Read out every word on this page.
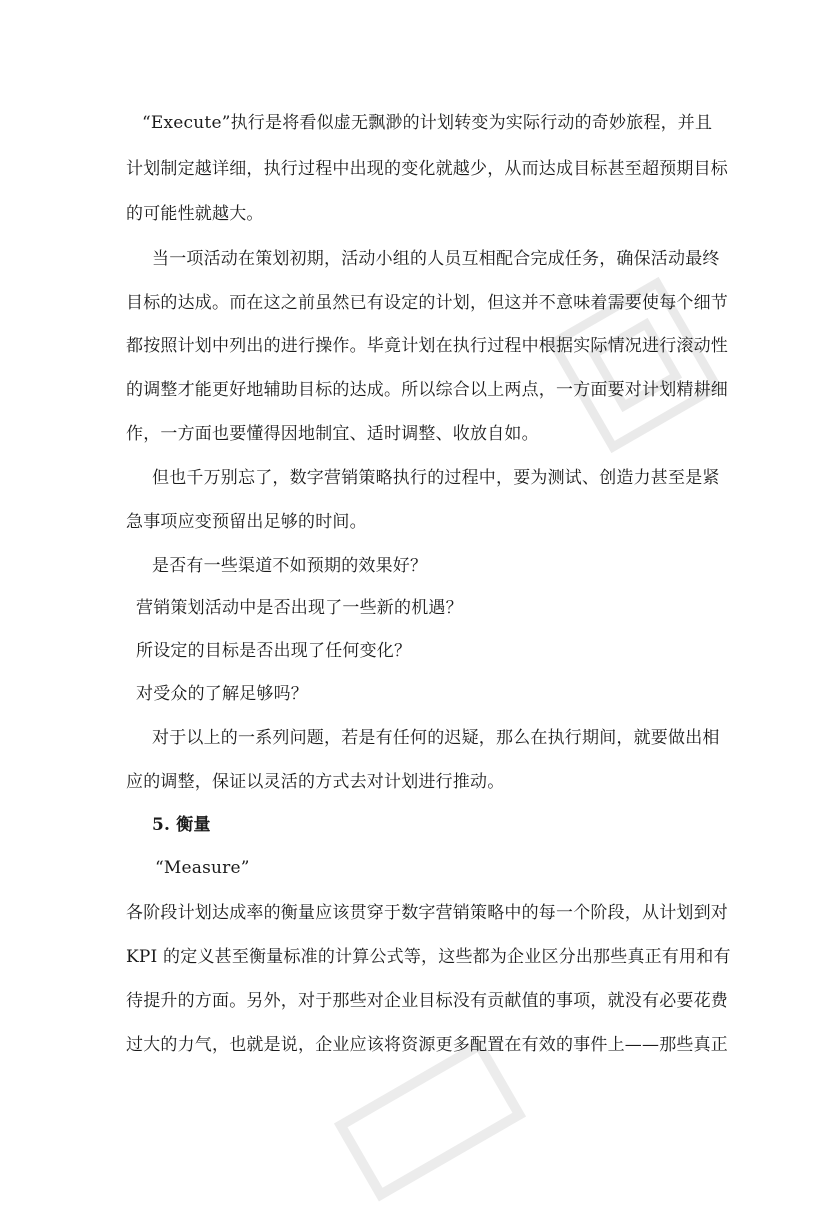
“Execute”执行是将看似虚无飘渺的计划转变为实际行动的奇妙旅程，并且
计划制定越详细，执行过程中出现的变化就越少，从而达成目标甚至超预期目标
的可能性就越大。
当一项活动在策划初期，活动小组的人员互相配合完成任务，确保活动最终
目标的达成。而在这之前虽然已有设定的计划，但这并不意味着需要使每个细节
都按照计划中列出的进行操作。毕竟计划在执行过程中根据实际情况进行滚动性
的调整才能更好地辅助目标的达成。所以综合以上两点，一方面要对计划精耕细
作，一方面也要懂得因地制宜、适时调整、收放自如。
但也千万别忘了，数字营销策略执行的过程中，要为测试、创造力甚至是紧
急事项应变预留出足够的时间。
是否有一些渠道不如预期的效果好？
营销策划活动中是否出现了一些新的机遇？
所设定的目标是否出现了任何变化？
对受众的了解足够吗？
对于以上的一系列问题，若是有任何的迟疑，那么在执行期间，就要做出相
应的调整，保证以灵活的方式去对计划进行推动。
5. 衡量
“Measure”
各阶段计划达成率的衡量应该贯穿于数字营销策略中的每一个阶段，从计划到对
KPI 的定义甚至衡量标准的计算公式等，这些都为企业区分出那些真正有用和有
待提升的方面。另外，对于那些对企业目标没有贡献值的事项，就没有必要花费
过大的力气，也就是说，企业应该将资源更多配置在有效的事件上——那些真正
